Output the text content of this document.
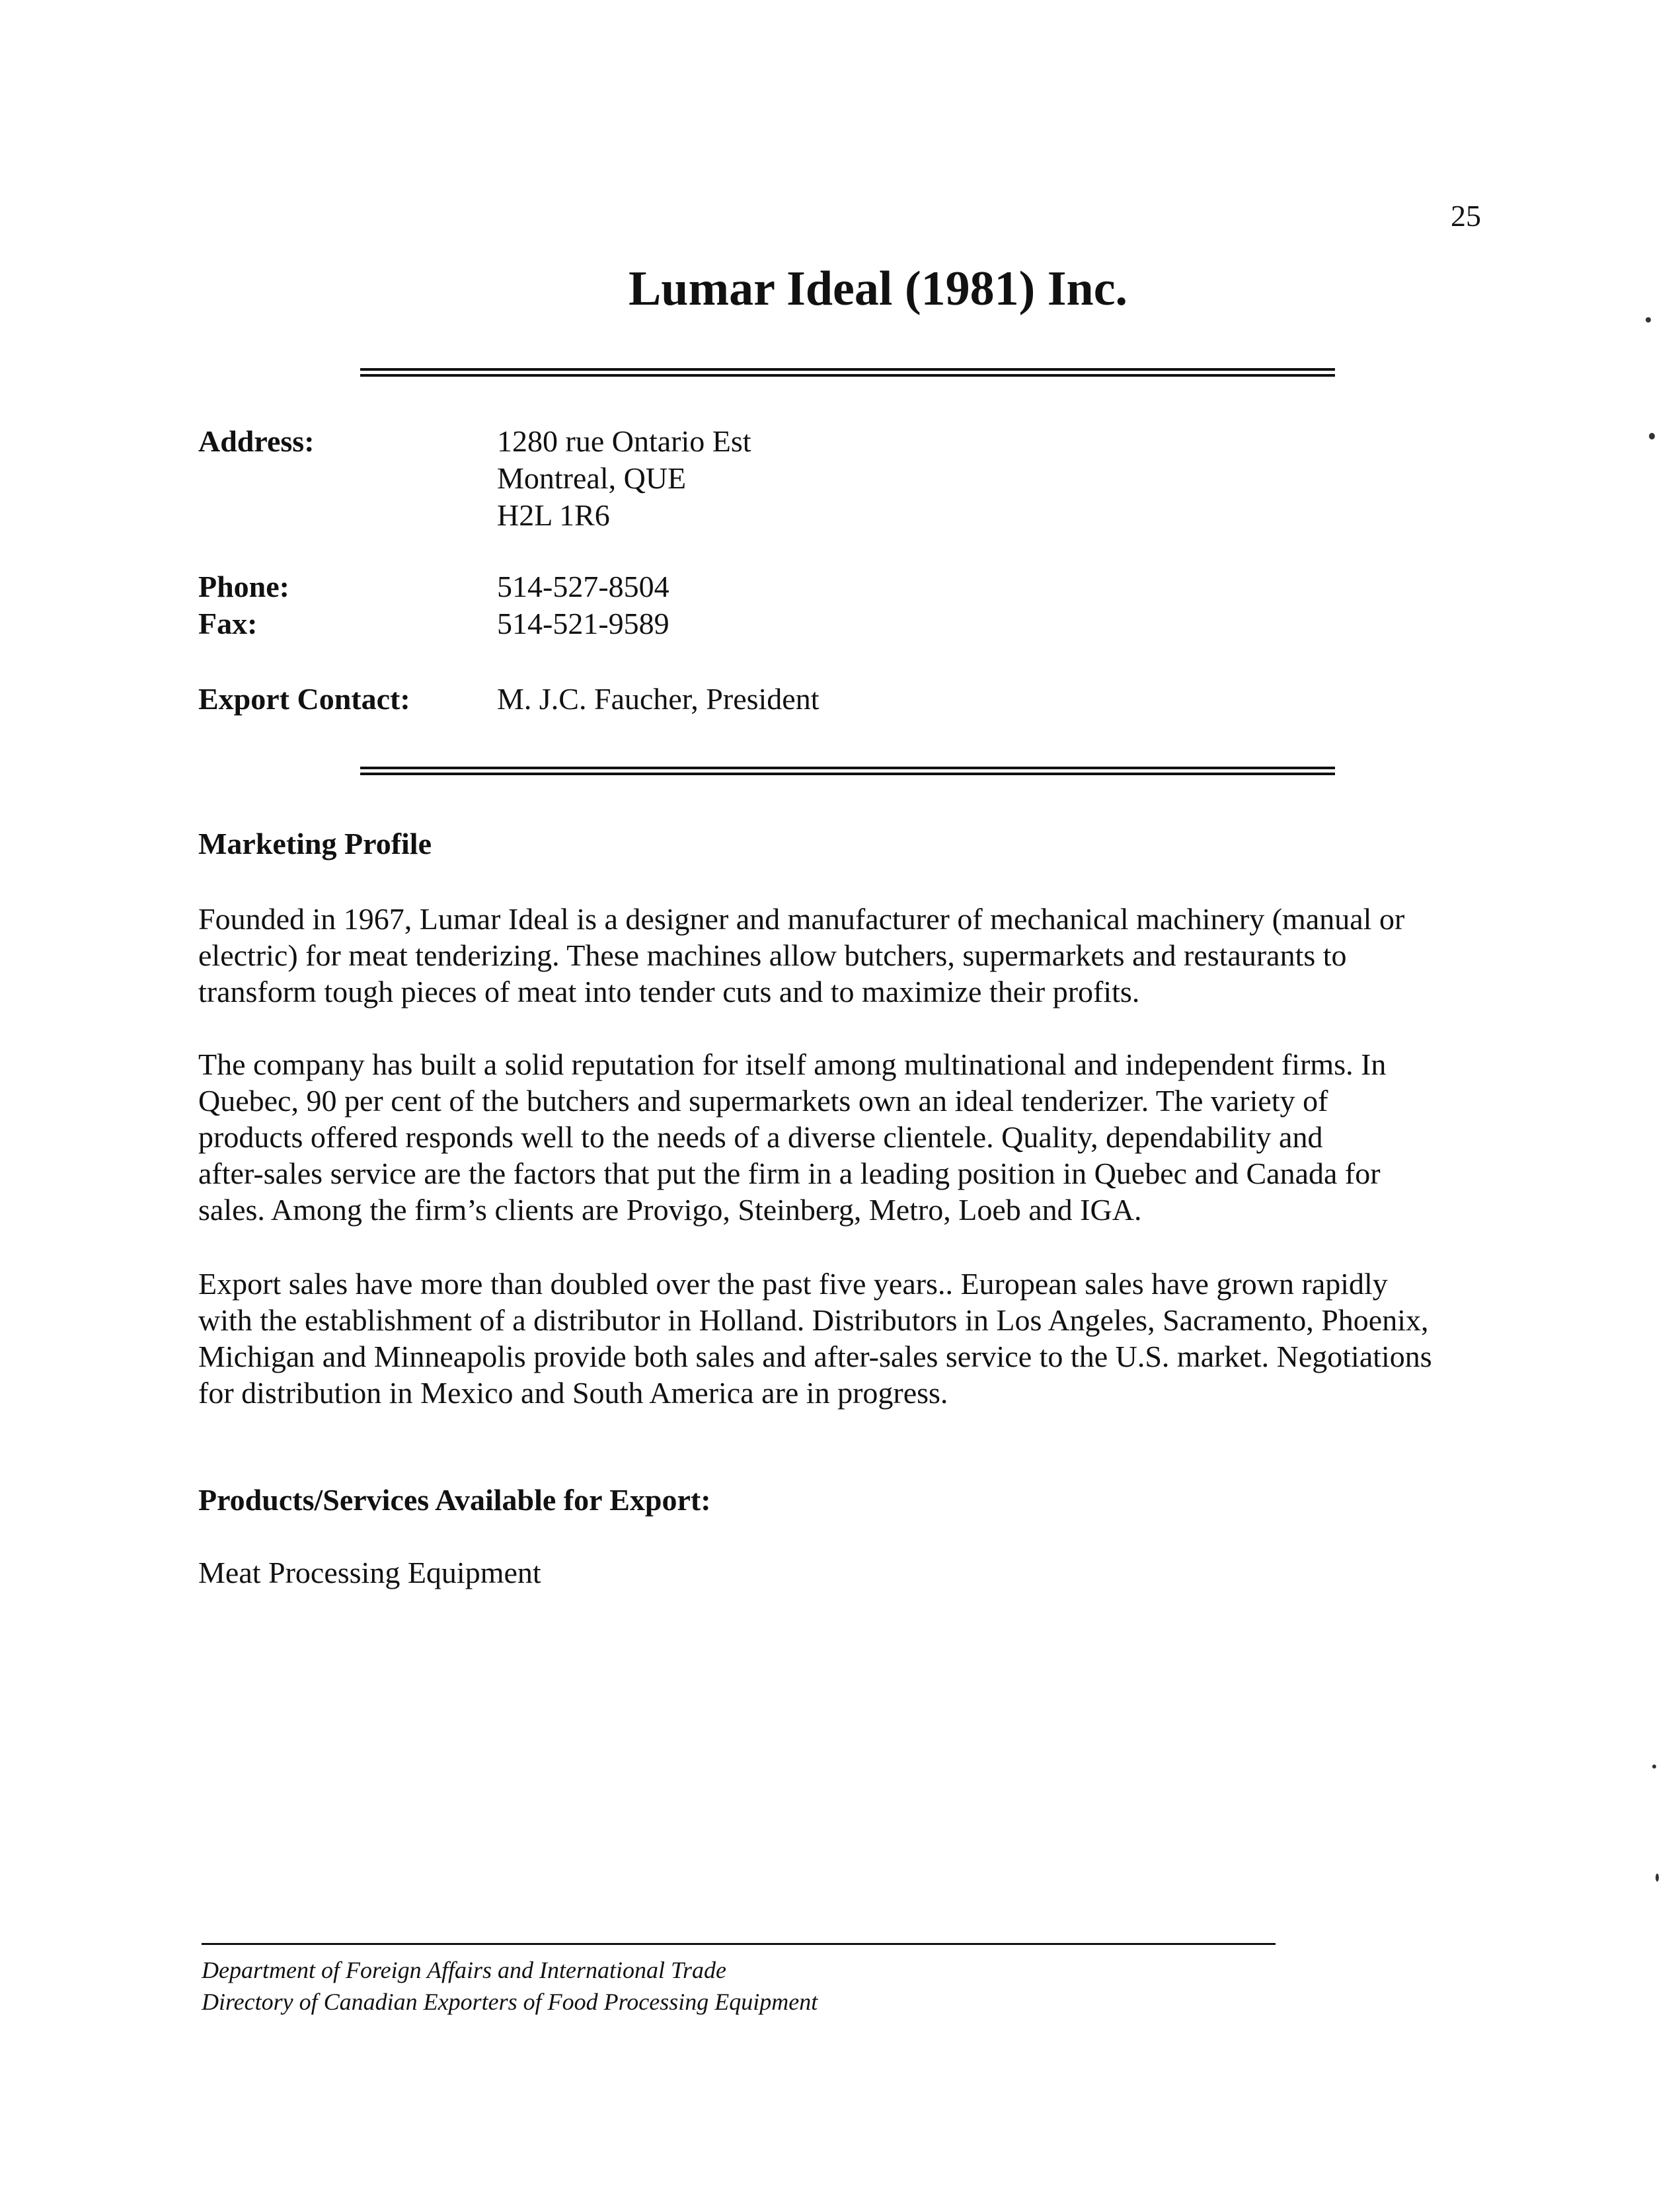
25
Lumar Ideal (1981) Inc.
Address:	1280 rue Ontario Est
Montreal, QUE
H2L 1R6
Phone:	514-527-8504
Fax:	514-521-9589
Export Contact:	M. J.C. Faucher, President
Marketing Profile
Founded in 1967, Lumar Ideal is a designer and manufacturer of mechanical machinery (manual or
electric) for meat tenderizing. These machines allow butchers, supermarkets and restaurants to
transform tough pieces of meat into tender cuts and to maximize their profits.
The company has built a solid reputation for itself among multinational and independent firms. In
Quebec, 90 per cent of the butchers and supermarkets own an ideal tenderizer. The variety of
products offered responds well to the needs of a diverse clientele. Quality, dependability and
after-sales service are the factors that put the firm in a leading position in Quebec and Canada for
sales. Among the firm’s clients are Provigo, Steinberg, Metro, Loeb and IGA.
Export sales have more than doubled over the past five years.. European sales have grown rapidly
with the establishment of a distributor in Holland. Distributors in Los Angeles, Sacramento, Phoenix,
Michigan and Minneapolis provide both sales and after-sales service to the U.S. market. Negotiations
for distribution in Mexico and South America are in progress.
Products/Services Available for Export:
Meat Processing Equipment
Department of Foreign Affairs and International Trade
Directory of Canadian Exporters of Food Processing Equipment
